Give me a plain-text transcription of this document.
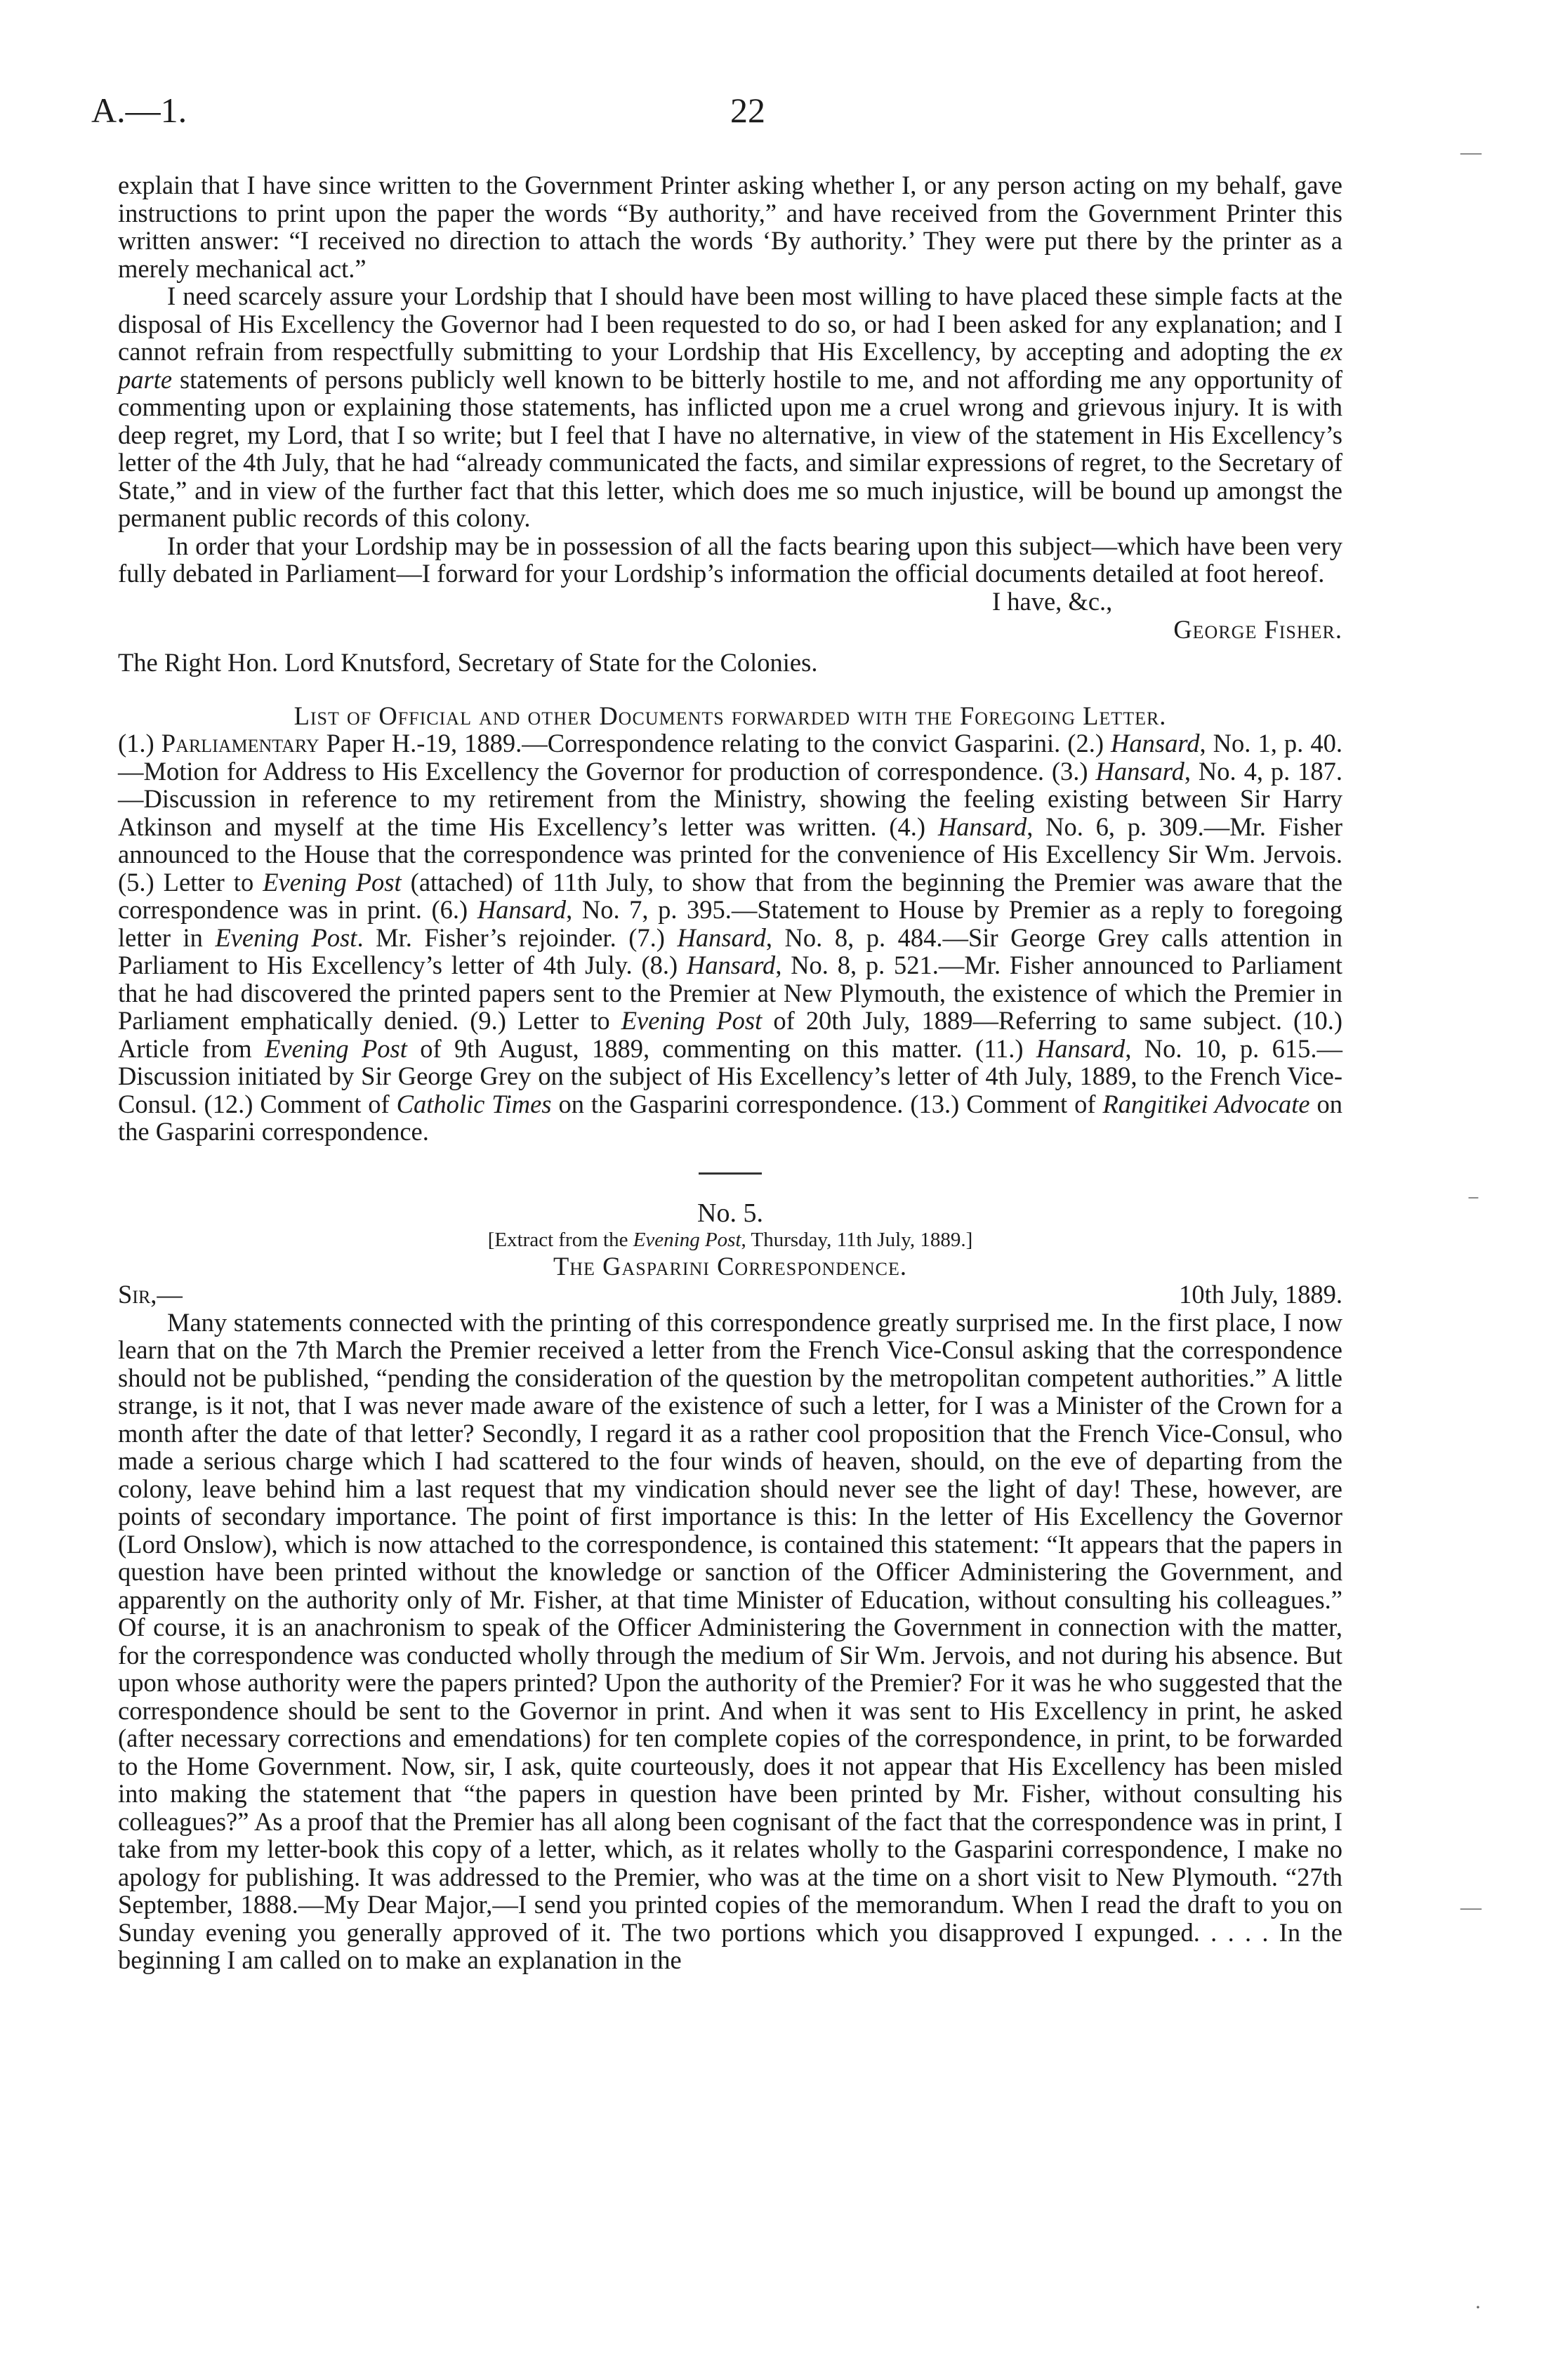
A.—1.	22

explain that I have since written to the Government Printer asking whether I, or any person acting on my behalf, gave instructions to print upon the paper the words “By authority,” and have received from the Government Printer this written answer: “I received no direction to attach the words ‘By authority.’ They were put there by the printer as a merely mechanical act.”

I need scarcely assure your Lordship that I should have been most willing to have placed these simple facts at the disposal of His Excellency the Governor had I been requested to do so, or had I been asked for any explanation; and I cannot refrain from respectfully submitting to your Lordship that His Excellency, by accepting and adopting the ex parte statements of persons publicly well known to be bitterly hostile to me, and not affording me any opportunity of commenting upon or explaining those statements, has inflicted upon me a cruel wrong and grievous injury. It is with deep regret, my Lord, that I so write; but I feel that I have no alternative, in view of the statement in His Excellency’s letter of the 4th July, that he had “already communicated the facts, and similar expressions of regret, to the Secretary of State,” and in view of the further fact that this letter, which does me so much injustice, will be bound up amongst the permanent public records of this colony.

In order that your Lordship may be in possession of all the facts bearing upon this subject—which have been very fully debated in Parliament—I forward for your Lordship’s information the official documents detailed at foot hereof.

I have, &c.,

George Fisher.

The Right Hon. Lord Knutsford, Secretary of State for the Colonies.

List of Official and other Documents forwarded with the Foregoing Letter.

(1.) Parliamentary Paper H.-19, 1889.—Correspondence relating to the convict Gasparini. (2.) Hansard, No. 1, p. 40.—Motion for Address to His Excellency the Governor for production of correspondence. (3.) Hansard, No. 4, p. 187.—Discussion in reference to my retirement from the Ministry, showing the feeling existing between Sir Harry Atkinson and myself at the time His Excellency’s letter was written. (4.) Hansard, No. 6, p. 309.—Mr. Fisher announced to the House that the correspondence was printed for the convenience of His Excellency Sir Wm. Jervois. (5.) Letter to Evening Post (attached) of 11th July, to show that from the beginning the Premier was aware that the correspondence was in print. (6.) Hansard, No. 7, p. 395.—Statement to House by Premier as a reply to foregoing letter in Evening Post. Mr. Fisher’s rejoinder. (7.) Hansard, No. 8, p. 484.—Sir George Grey calls attention in Parliament to His Excellency’s letter of 4th July. (8.) Hansard, No. 8, p. 521.—Mr. Fisher announced to Parliament that he had discovered the printed papers sent to the Premier at New Plymouth, the existence of which the Premier in Parliament emphatically denied. (9.) Letter to Evening Post of 20th July, 1889—Referring to same subject. (10.) Article from Evening Post of 9th August, 1889, commenting on this matter. (11.) Hansard, No. 10, p. 615.—Discussion initiated by Sir George Grey on the subject of His Excellency’s letter of 4th July, 1889, to the French Vice-Consul. (12.) Comment of Catholic Times on the Gasparini correspondence. (13.) Comment of Rangitikei Advocate on the Gasparini correspondence.

No. 5.

[Extract from the Evening Post, Thursday, 11th July, 1889.]

The Gasparini Correspondence.

Sir,—	10th July, 1889.

Many statements connected with the printing of this correspondence greatly surprised me. In the first place, I now learn that on the 7th March the Premier received a letter from the French Vice-Consul asking that the correspondence should not be published, “pending the consideration of the question by the metropolitan competent authorities.” A little strange, is it not, that I was never made aware of the existence of such a letter, for I was a Minister of the Crown for a month after the date of that letter? Secondly, I regard it as a rather cool proposition that the French Vice-Consul, who made a serious charge which I had scattered to the four winds of heaven, should, on the eve of departing from the colony, leave behind him a last request that my vindication should never see the light of day! These, however, are points of secondary importance. The point of first importance is this: In the letter of His Excellency the Governor (Lord Onslow), which is now attached to the correspondence, is contained this statement: “It appears that the papers in question have been printed without the knowledge or sanction of the Officer Administering the Government, and apparently on the authority only of Mr. Fisher, at that time Minister of Education, without consulting his colleagues.” Of course, it is an anachronism to speak of the Officer Administering the Government in connection with the matter, for the correspondence was conducted wholly through the medium of Sir Wm. Jervois, and not during his absence. But upon whose authority were the papers printed? Upon the authority of the Premier? For it was he who suggested that the correspondence should be sent to the Governor in print. And when it was sent to His Excellency in print, he asked (after necessary corrections and emendations) for ten complete copies of the correspondence, in print, to be forwarded to the Home Government. Now, sir, I ask, quite courteously, does it not appear that His Excellency has been misled into making the statement that “the papers in question have been printed by Mr. Fisher, without consulting his colleagues?” As a proof that the Premier has all along been cognisant of the fact that the correspondence was in print, I take from my letter-book this copy of a letter, which, as it relates wholly to the Gasparini correspondence, I make no apology for publishing. It was addressed to the Premier, who was at the time on a short visit to New Plymouth. “27th September, 1888.—My Dear Major,—I send you printed copies of the memorandum. When I read the draft to you on Sunday evening you generally approved of it. The two portions which you disapproved I expunged. . . . . In the beginning I am called on to make an explanation in the

—
−
—
·
